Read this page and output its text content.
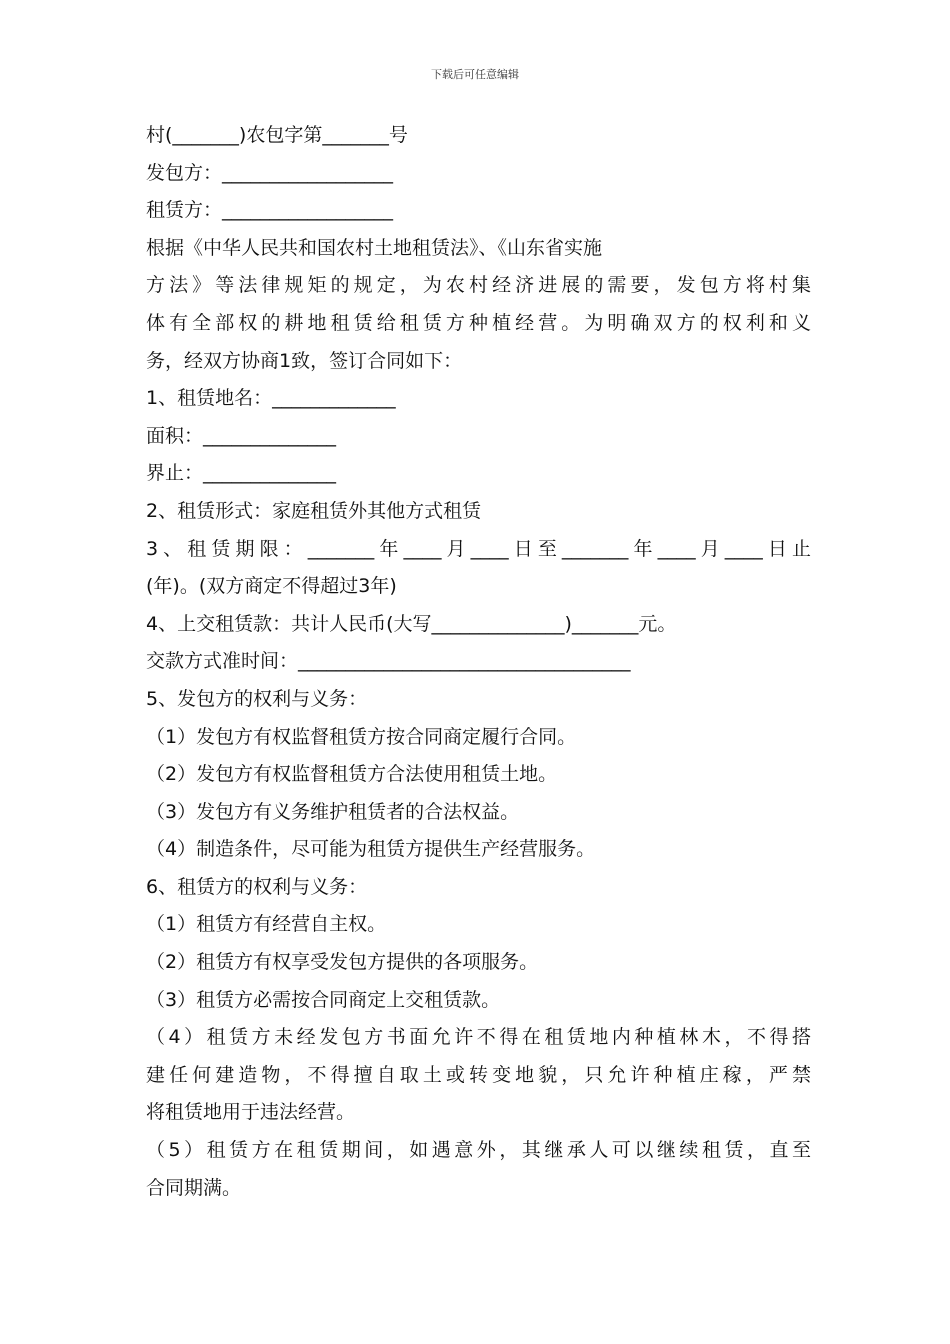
下载后可任意编辑
村(_______)农包字第_______号
发包方：__________________
租赁方：__________________
根据《中华人民共和国农村土地租赁法》、《山东省实施
方法》等法律规矩的规定，为农村经济进展的需要，发包方将村集
体有全部权的耕地租赁给租赁方种植经营。为明确双方的权利和义
务，经双方协商1致，签订合同如下：
1、租赁地名：_____________
面积：______________
界止：______________
2、租赁形式：家庭租赁外其他方式租赁
3、租赁期限：_______年____月____日至_______年____月____日止
(年)。(双方商定不得超过3年)
4、上交租赁款：共计人民币(大写______________)_______元。
交款方式准时间：___________________________________
5、发包方的权利与义务：
（1）发包方有权监督租赁方按合同商定履行合同。
（2）发包方有权监督租赁方合法使用租赁土地。
（3）发包方有义务维护租赁者的合法权益。
（4）制造条件，尽可能为租赁方提供生产经营服务。
6、租赁方的权利与义务：
（1）租赁方有经营自主权。
（2）租赁方有权享受发包方提供的各项服务。
（3）租赁方必需按合同商定上交租赁款。
（4）租赁方未经发包方书面允许不得在租赁地内种植林木，不得搭
建任何建造物，不得擅自取土或转变地貌，只允许种植庄稼，严禁
将租赁地用于违法经营。
（5）租赁方在租赁期间，如遇意外，其继承人可以继续租赁，直至
合同期满。
